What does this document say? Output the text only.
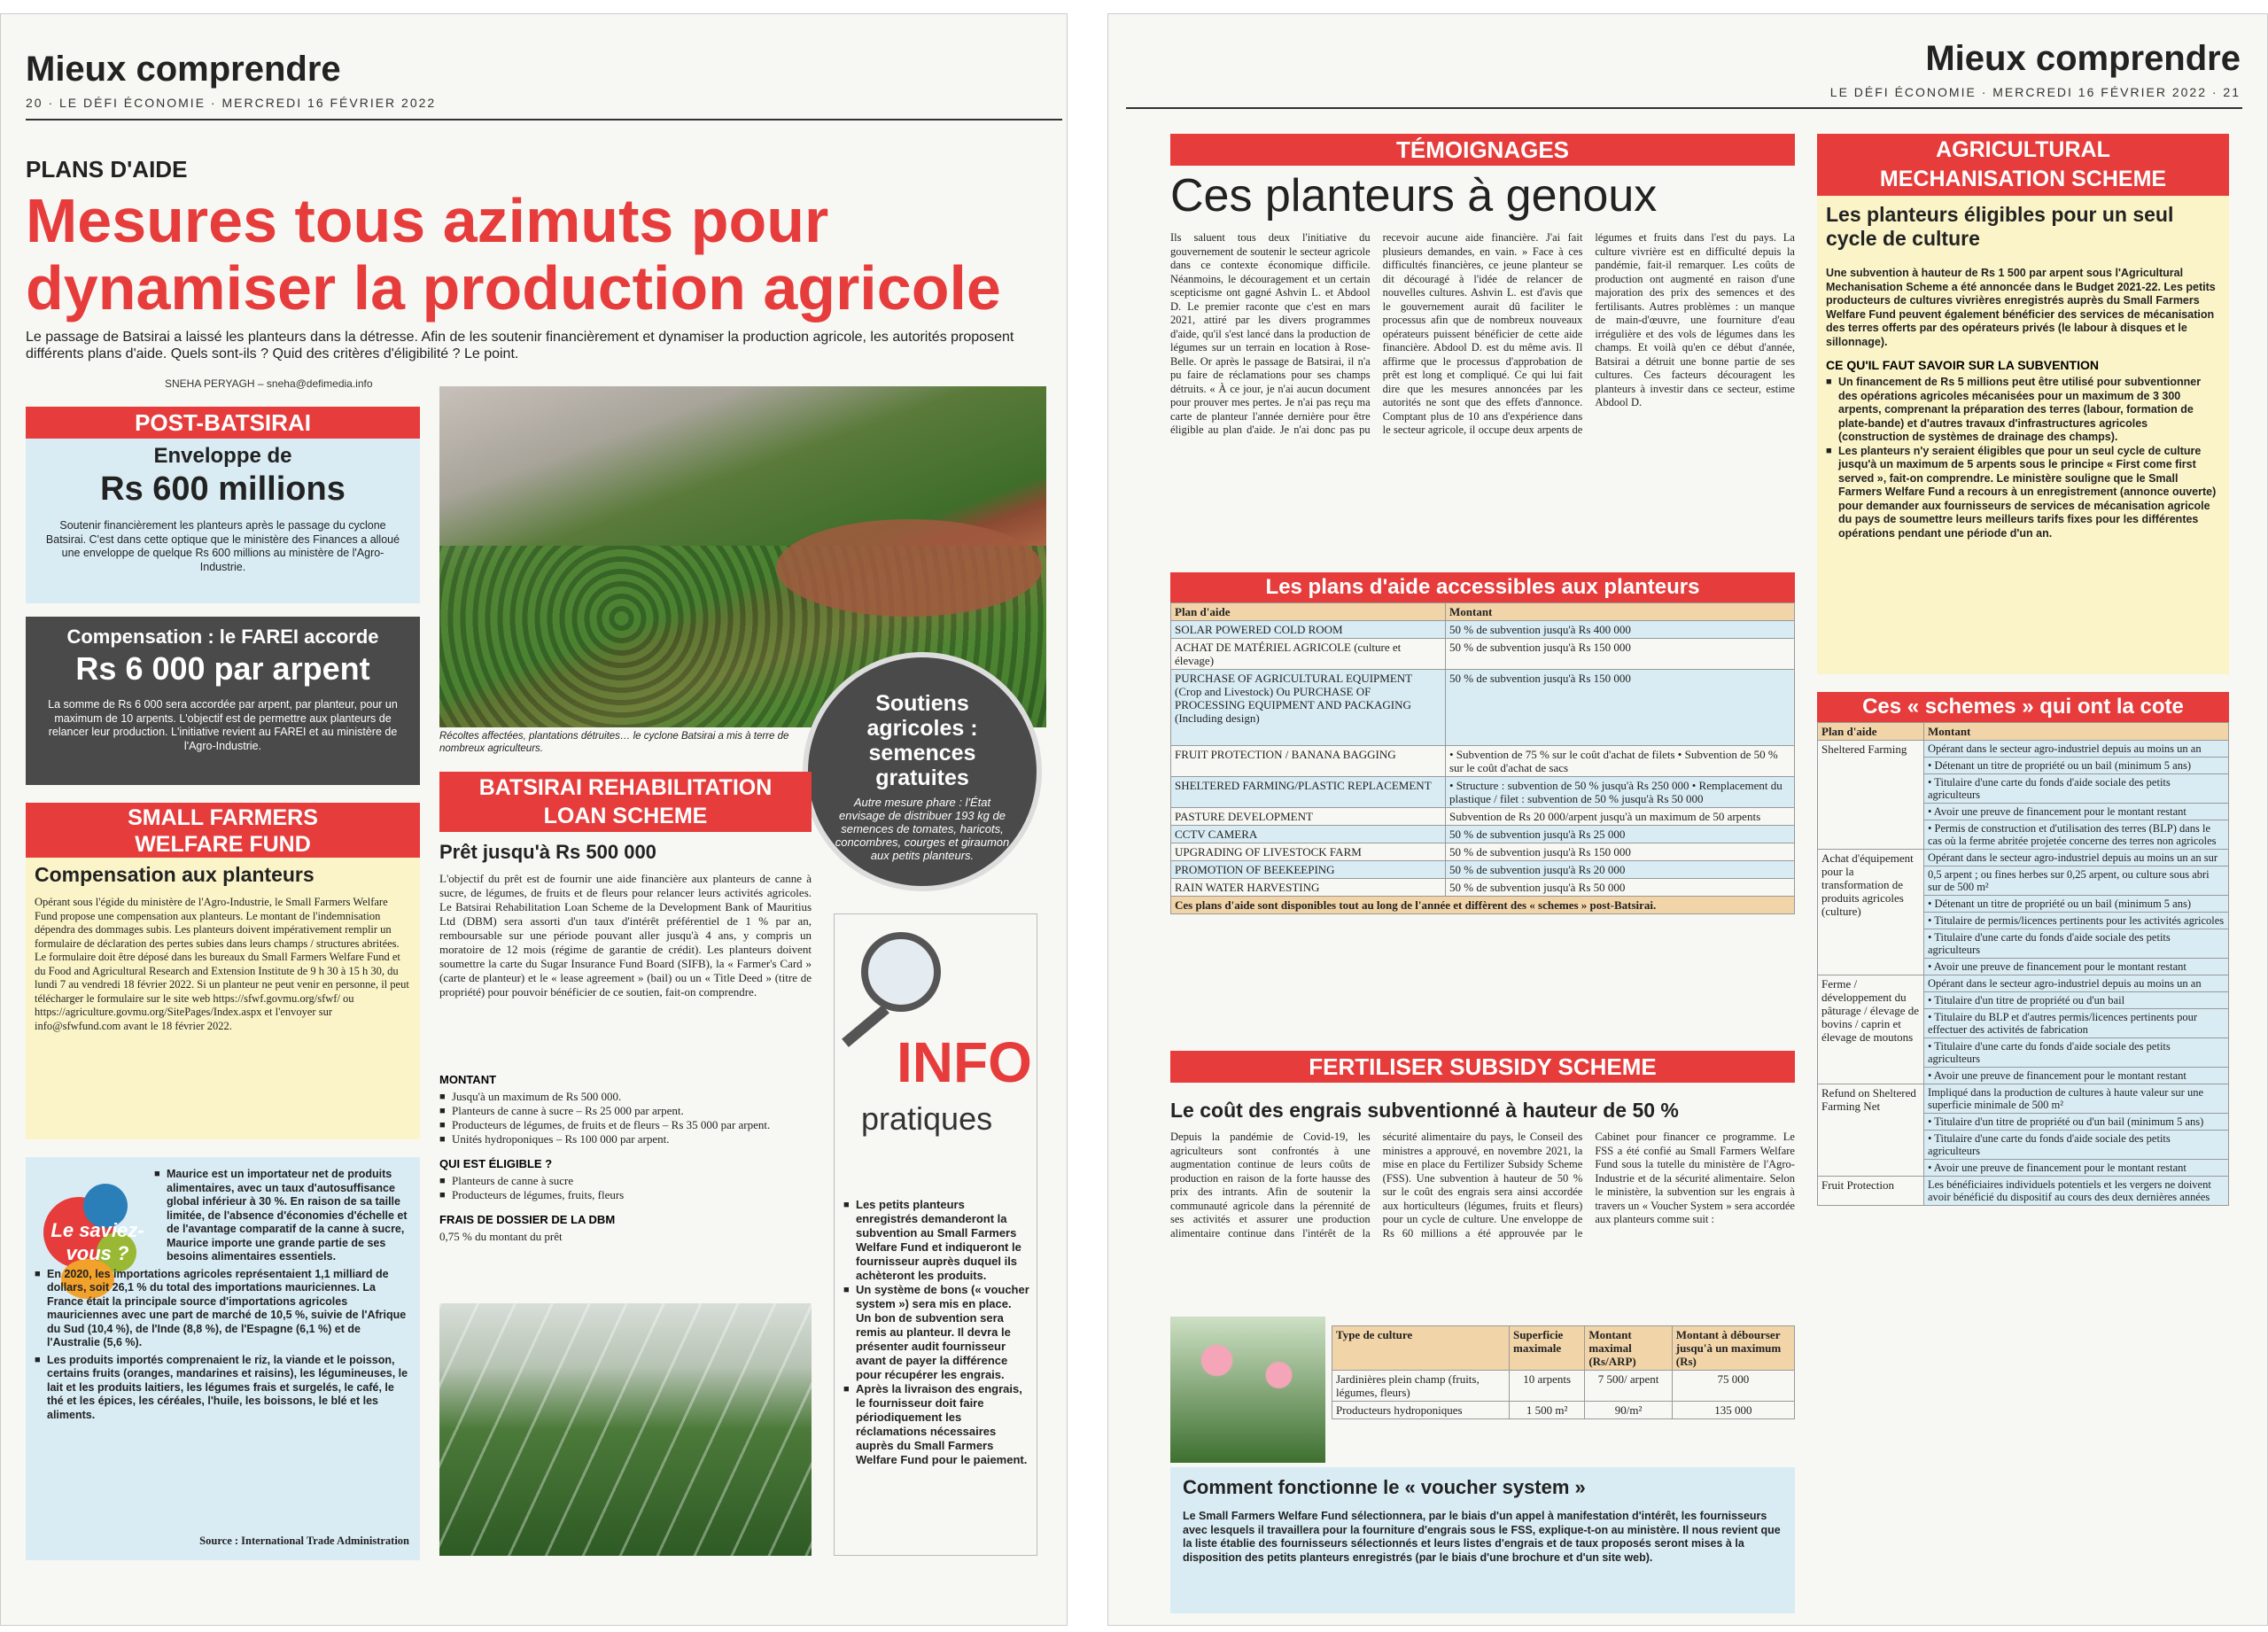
Mieux comprendre
20 · LE DÉFI ÉCONOMIE · MERCREDI 16 FÉVRIER 2022
PLANS D'AIDE
Mesures tous azimuts pour dynamiser la production agricole
Le passage de Batsirai a laissé les planteurs dans la détresse. Afin de les soutenir financièrement et dynamiser la production agricole, les autorités proposent différents plans d'aide. Quels sont-ils ? Quid des critères d'éligibilité ? Le point.
SNEHA PERYAGH – sneha@defimedia.info
POST-BATSIRAI
Enveloppe de
Rs 600 millions
Soutenir financièrement les planteurs après le passage du cyclone Batsirai. C'est dans cette optique que le ministère des Finances a alloué une enveloppe de quelque Rs 600 millions au ministère de l'Agro-Industrie.
Compensation : le FAREI accorde
Rs 6 000 par arpent
La somme de Rs 6 000 sera accordée par arpent, par planteur, pour un maximum de 10 arpents. L'objectif est de permettre aux planteurs de relancer leur production. L'initiative revient au FAREI et au ministère de l'Agro-Industrie.
SMALL FARMERS WELFARE FUND
Compensation aux planteurs
Opérant sous l'égide du ministère de l'Agro-Industrie, le Small Farmers Welfare Fund propose une compensation aux planteurs. Le montant de l'indemnisation dépendra des dommages subis. Les planteurs doivent impérativement remplir un formulaire de déclaration des pertes subies dans leurs champs / structures abritées. Le formulaire doit être déposé dans les bureaux du Small Farmers Welfare Fund et du Food and Agricultural Research and Extension Institute de 9 h 30 à 15 h 30, du lundi 7 au vendredi 18 février 2022. Si un planteur ne peut venir en personne, il peut télécharger le formulaire sur le site web https://sfwf.govmu.org/sfwf/ ou https://agriculture.govmu.org/SitePages/Index.aspx et l'envoyer sur info@sfwfund.com avant le 18 février 2022.
Le saviez-vous ?
■ Maurice est un importateur net de produits alimentaires, avec un taux d'autosuffisance global inférieur à 30 %. En raison de sa taille limitée, de l'absence d'économies d'échelle et de l'avantage comparatif de la canne à sucre, Maurice importe une grande partie de ses besoins alimentaires essentiels.
■ En 2020, les importations agricoles représentaient 1,1 milliard de dollars, soit 26,1 % du total des importations mauriciennes. La France était la principale source d'importations agricoles mauriciennes avec une part de marché de 10,5 %, suivie de l'Afrique du Sud (10,4 %), de l'Inde (8,8 %), de l'Espagne (6,1 %) et de l'Australie (5,6 %).
■ Les produits importés comprenaient le riz, la viande et le poisson, certains fruits (oranges, mandarines et raisins), les légumineuses, le lait et les produits laitiers, les légumes frais et surgelés, le café, le thé et les épices, les céréales, l'huile, les boissons, le blé et les aliments.
Source : International Trade Administration
Récoltes affectées, plantations détruites… le cyclone Batsirai a mis à terre de nombreux agriculteurs.
Soutiens agricoles : semences gratuites
Autre mesure phare : l'État envisage de distribuer 193 kg de semences de tomates, haricots, concombres, courges et giraumon aux petits planteurs.
BATSIRAI REHABILITATION LOAN SCHEME
Prêt jusqu'à Rs 500 000
L'objectif du prêt est de fournir une aide financière aux planteurs de canne à sucre, de légumes, de fruits et de fleurs pour relancer leurs activités agricoles. Le Batsirai Rehabilitation Loan Scheme de la Development Bank of Mauritius Ltd (DBM) sera assorti d'un taux d'intérêt préférentiel de 1 % par an, remboursable sur une période pouvant aller jusqu'à 4 ans, y compris un moratoire de 12 mois (régime de garantie de crédit). Les planteurs doivent soumettre la carte du Sugar Insurance Fund Board (SIFB), la « Farmer's Card » (carte de planteur) et le « lease agreement » (bail) ou un « Title Deed » (titre de propriété) pour pouvoir bénéficier de ce soutien, fait-on comprendre.
MONTANT
■ Jusqu'à un maximum de Rs 500 000.
■ Planteurs de canne à sucre – Rs 25 000 par arpent.
■ Producteurs de légumes, de fruits et de fleurs – Rs 35 000 par arpent.
■ Unités hydroponiques – Rs 100 000 par arpent.
QUI EST ÉLIGIBLE ?
■ Planteurs de canne à sucre
■ Producteurs de légumes, fruits, fleurs
FRAIS DE DOSSIER DE LA DBM
0,75 % du montant du prêt
INFO
pratiques
■ Les petits planteurs enregistrés demanderont la subvention au Small Farmers Welfare Fund et indiqueront le fournisseur auprès duquel ils achèteront les produits.
■ Un système de bons (« voucher system ») sera mis en place. Un bon de subvention sera remis au planteur. Il devra le présenter audit fournisseur avant de payer la différence pour récupérer les engrais.
■ Après la livraison des engrais, le fournisseur doit faire périodiquement les réclamations nécessaires auprès du Small Farmers Welfare Fund pour le paiement.
Mieux comprendre
LE DÉFI ÉCONOMIE · MERCREDI 16 FÉVRIER 2022 · 21
TÉMOIGNAGES
Ces planteurs à genoux
Ils saluent tous deux l'initiative du gouvernement de soutenir le secteur agricole dans ce contexte économique difficile. Néanmoins, le découragement et un certain scepticisme ont gagné Ashvin L. et Abdool D. Le premier raconte que c'est en mars 2021, attiré par les divers programmes d'aide, qu'il s'est lancé dans la production de légumes sur un terrain en location à Rose-Belle. Or après le passage de Batsirai, il n'a pu faire de réclamations pour ses champs détruits. « À ce jour, je n'ai aucun document pour prouver mes pertes. Je n'ai pas reçu ma carte de planteur l'année dernière pour être éligible au plan d'aide. Je n'ai donc pas pu recevoir aucune aide financière. J'ai fait plusieurs demandes, en vain. » Face à ces difficultés financières, ce jeune planteur se dit découragé à l'idée de relancer de nouvelles cultures. Ashvin L. est d'avis que le gouvernement aurait dû faciliter le processus afin que de nombreux nouveaux opérateurs puissent bénéficier de cette aide financière. Abdool D. est du même avis. Il affirme que le processus d'approbation de prêt est long et compliqué. Ce qui lui fait dire que les mesures annoncées par les autorités ne sont que des effets d'annonce. Comptant plus de 10 ans d'expérience dans le secteur agricole, il occupe deux arpents de légumes et fruits dans l'est du pays. La culture vivrière est en difficulté depuis la pandémie, fait-il remarquer. Les coûts de production ont augmenté en raison d'une majoration des prix des semences et des fertilisants. Autres problèmes : un manque de main-d'œuvre, une fourniture d'eau irrégulière et des vols de légumes dans les champs. Et voilà qu'en ce début d'année, Batsirai a détruit une bonne partie de ses cultures. Ces facteurs découragent les planteurs à investir dans ce secteur, estime Abdool D.
Les plans d'aide accessibles aux planteurs
Plan d'aide	Montant
SOLAR POWERED COLD ROOM	50 % de subvention jusqu'à Rs 400 000
ACHAT DE MATÉRIEL AGRICOLE (culture et élevage)	50 % de subvention jusqu'à Rs 150 000
PURCHASE OF AGRICULTURAL EQUIPMENT (Crop and Livestock) Ou PURCHASE OF PROCESSING EQUIPMENT AND PACKAGING (Including design)	50 % de subvention jusqu'à Rs 150 000
FRUIT PROTECTION / BANANA BAGGING	• Subvention de 75 % sur le coût d'achat de filets • Subvention de 50 % sur le coût d'achat de sacs
SHELTERED FARMING/PLASTIC REPLACEMENT	• Structure : subvention de 50 % jusqu'à Rs 250 000 • Remplacement du plastique / filet : subvention de 50 % jusqu'à Rs 50 000
PASTURE DEVELOPMENT	Subvention de Rs 20 000/arpent jusqu'à un maximum de 50 arpents
CCTV CAMERA	50 % de subvention jusqu'à Rs 25 000
UPGRADING OF LIVESTOCK FARM	50 % de subvention jusqu'à Rs 150 000
PROMOTION OF BEEKEEPING	50 % de subvention jusqu'à Rs 20 000
RAIN WATER HARVESTING	50 % de subvention jusqu'à Rs 50 000
Ces plans d'aide sont disponibles tout au long de l'année et diffèrent des « schemes » post-Batsirai.	
FERTILISER SUBSIDY SCHEME
Le coût des engrais subventionné à hauteur de 50 %
Depuis la pandémie de Covid-19, les agriculteurs sont confrontés à une augmentation continue de leurs coûts de production en raison de la forte hausse des prix des intrants. Afin de soutenir la communauté agricole dans la pérennité de ses activités et assurer une production alimentaire continue dans l'intérêt de la sécurité alimentaire du pays, le Conseil des ministres a approuvé, en novembre 2021, la mise en place du Fertilizer Subsidy Scheme (FSS). Une subvention à hauteur de 50 % sur le coût des engrais sera ainsi accordée aux horticulteurs (légumes, fruits et fleurs) pour un cycle de culture. Une enveloppe de Rs 60 millions a été approuvée par le Cabinet pour financer ce programme. Le FSS a été confié au Small Farmers Welfare Fund sous la tutelle du ministère de l'Agro-Industrie et de la sécurité alimentaire. Selon le ministère, la subvention sur les engrais à travers un « Voucher System » sera accordée aux planteurs comme suit :
Type de culture	Superficie maximale	Montant maximal (Rs/ARP)	Montant à débourser jusqu'à un maximum (Rs)
Jardinières plein champ (fruits, légumes, fleurs)	10 arpents	7 500/ arpent	75 000
Producteurs hydroponiques	1 500 m²	90/m²	135 000
Comment fonctionne le « voucher system »
Le Small Farmers Welfare Fund sélectionnera, par le biais d'un appel à manifestation d'intérêt, les fournisseurs avec lesquels il travaillera pour la fourniture d'engrais sous le FSS, explique-t-on au ministère. Il nous revient que la liste établie des fournisseurs sélectionnés et leurs listes d'engrais et de taux proposés seront mises à la disposition des petits planteurs enregistrés (par le biais d'une brochure et d'un site web).
AGRICULTURAL MECHANISATION SCHEME
Les planteurs éligibles pour un seul cycle de culture
Une subvention à hauteur de Rs 1 500 par arpent sous l'Agricultural Mechanisation Scheme a été annoncée dans le Budget 2021-22. Les petits producteurs de cultures vivrières enregistrés auprès du Small Farmers Welfare Fund peuvent également bénéficier des services de mécanisation des terres offerts par des opérateurs privés (le labour à disques et le sillonnage).
CE QU'IL FAUT SAVOIR SUR LA SUBVENTION
■ Un financement de Rs 5 millions peut être utilisé pour subventionner des opérations agricoles mécanisées pour un maximum de 3 300 arpents, comprenant la préparation des terres (labour, formation de plate-bande) et d'autres travaux d'infrastructures agricoles (construction de systèmes de drainage des champs).
■ Les planteurs n'y seraient éligibles que pour un seul cycle de culture jusqu'à un maximum de 5 arpents sous le principe « First come first served », fait-on comprendre. Le ministère souligne que le Small Farmers Welfare Fund a recours à un enregistrement (annonce ouverte) pour demander aux fournisseurs de services de mécanisation agricole du pays de soumettre leurs meilleurs tarifs fixes pour les différentes opérations pendant une période d'un an.
Ces « schemes » qui ont la cote
Plan d'aide	Montant
Sheltered Farming	Opérant dans le secteur agro-industriel depuis au moins un an
	• Détenant un titre de propriété ou un bail (minimum 5 ans)
	• Titulaire d'une carte du fonds d'aide sociale des petits agriculteurs
	• Avoir une preuve de financement pour le montant restant
	• Permis de construction et d'utilisation des terres (BLP) dans le cas où la ferme abritée projetée concerne des terres non agricoles
Achat d'équipement pour la transformation de produits agricoles (culture)	Opérant dans le secteur agro-industriel depuis au moins un an sur
	0,5 arpent ; ou fines herbes sur 0,25 arpent, ou culture sous abri sur de 500 m²
	• Détenant un titre de propriété ou un bail (minimum 5 ans)
	• Titulaire de permis/licences pertinents pour les activités agricoles
	• Titulaire d'une carte du fonds d'aide sociale des petits agriculteurs
	• Avoir une preuve de financement pour le montant restant
Ferme / développement du pâturage / élevage de bovins / caprin et élevage de moutons	Opérant dans le secteur agro-industriel depuis au moins un an
	• Titulaire d'un titre de propriété ou d'un bail
	• Titulaire du BLP et d'autres permis/licences pertinents pour effectuer des activités de fabrication
	• Titulaire d'une carte du fonds d'aide sociale des petits agriculteurs
	• Avoir une preuve de financement pour le montant restant
Refund on Sheltered Farming Net	Impliqué dans la production de cultures à haute valeur sur une superficie minimale de 500 m²
	• Titulaire d'un titre de propriété ou d'un bail (minimum 5 ans)
	• Titulaire d'une carte du fonds d'aide sociale des petits agriculteurs
	• Avoir une preuve de financement pour le montant restant
Fruit Protection	Les bénéficiaires individuels potentiels et les vergers ne doivent avoir bénéficié du dispositif au cours des deux dernières années
